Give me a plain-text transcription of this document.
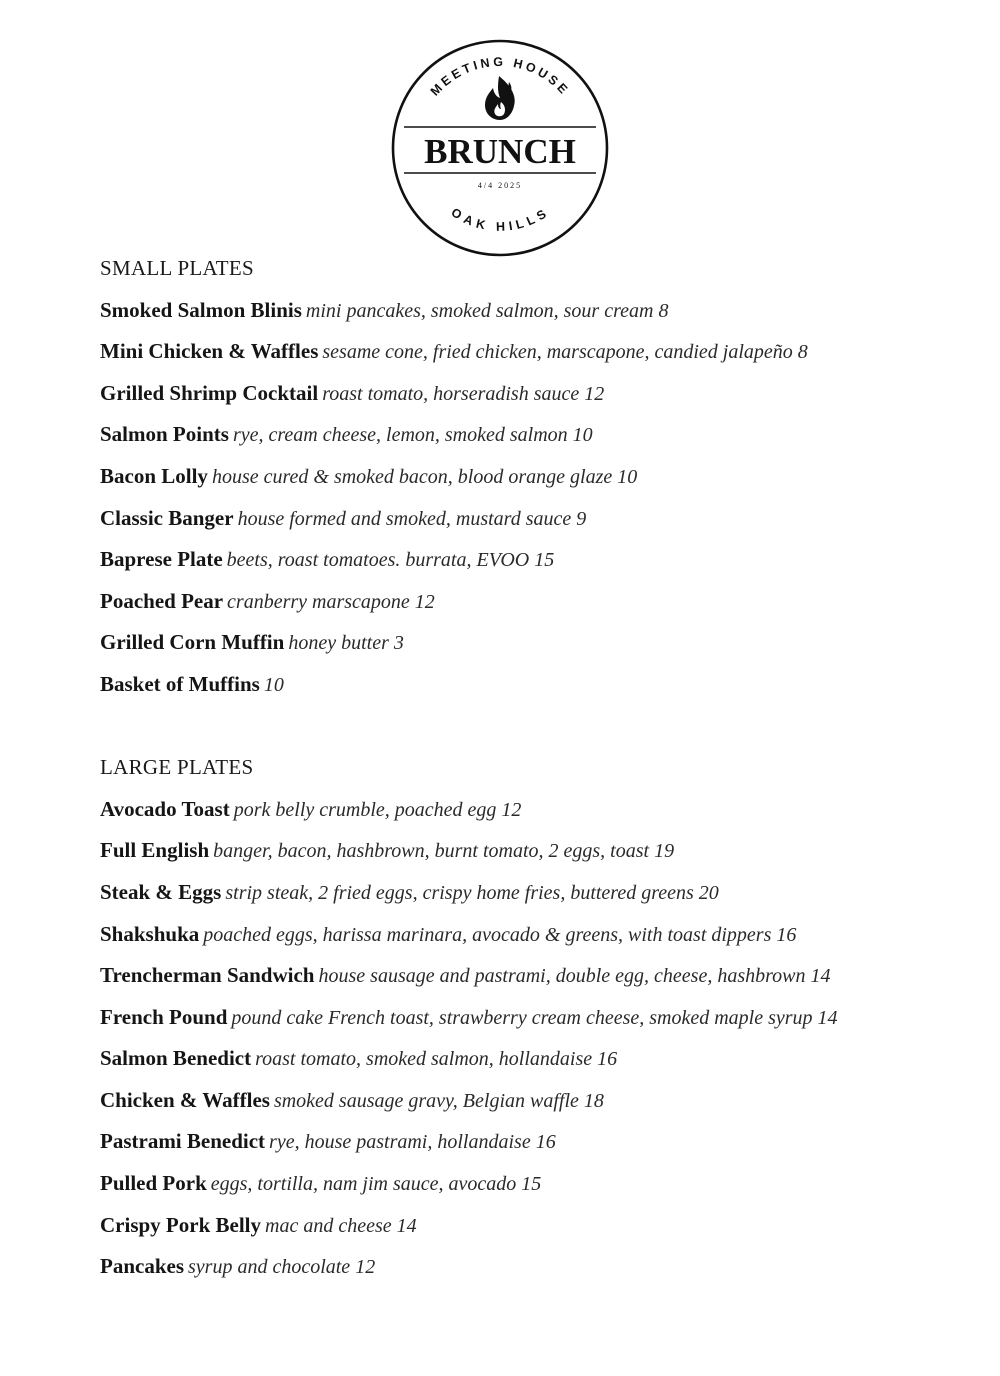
MEETING HOUSE
BRUNCH
4/4 2025
OAK HILLS
SMALL PLATES
Smoked Salmon Blinis mini pancakes, smoked salmon, sour cream 8
Mini Chicken & Waffles sesame cone, fried chicken, marscapone, candied jalapeño 8
Grilled Shrimp Cocktail roast tomato, horseradish sauce 12
Salmon Points rye, cream cheese, lemon, smoked salmon 10
Bacon Lolly house cured & smoked bacon, blood orange glaze 10
Classic Banger house formed and smoked, mustard sauce 9
Baprese Plate beets, roast tomatoes. burrata, EVOO 15
Poached Pear cranberry marscapone 12
Grilled Corn Muffin honey butter 3
Basket of Muffins 10
LARGE PLATES
Avocado Toast pork belly crumble, poached egg 12
Full English banger, bacon, hashbrown, burnt tomato, 2 eggs, toast 19
Steak & Eggs strip steak, 2 fried eggs, crispy home fries, buttered greens 20
Shakshuka poached eggs, harissa marinara, avocado & greens, with toast dippers 16
Trencherman Sandwich house sausage and pastrami, double egg, cheese, hashbrown 14
French Pound pound cake French toast, strawberry cream cheese, smoked maple syrup 14
Salmon Benedict roast tomato, smoked salmon, hollandaise 16
Chicken & Waffles smoked sausage gravy, Belgian waffle 18
Pastrami Benedict rye, house pastrami, hollandaise 16
Pulled Pork eggs, tortilla, nam jim sauce, avocado 15
Crispy Pork Belly mac and cheese 14
Pancakes syrup and chocolate 12
